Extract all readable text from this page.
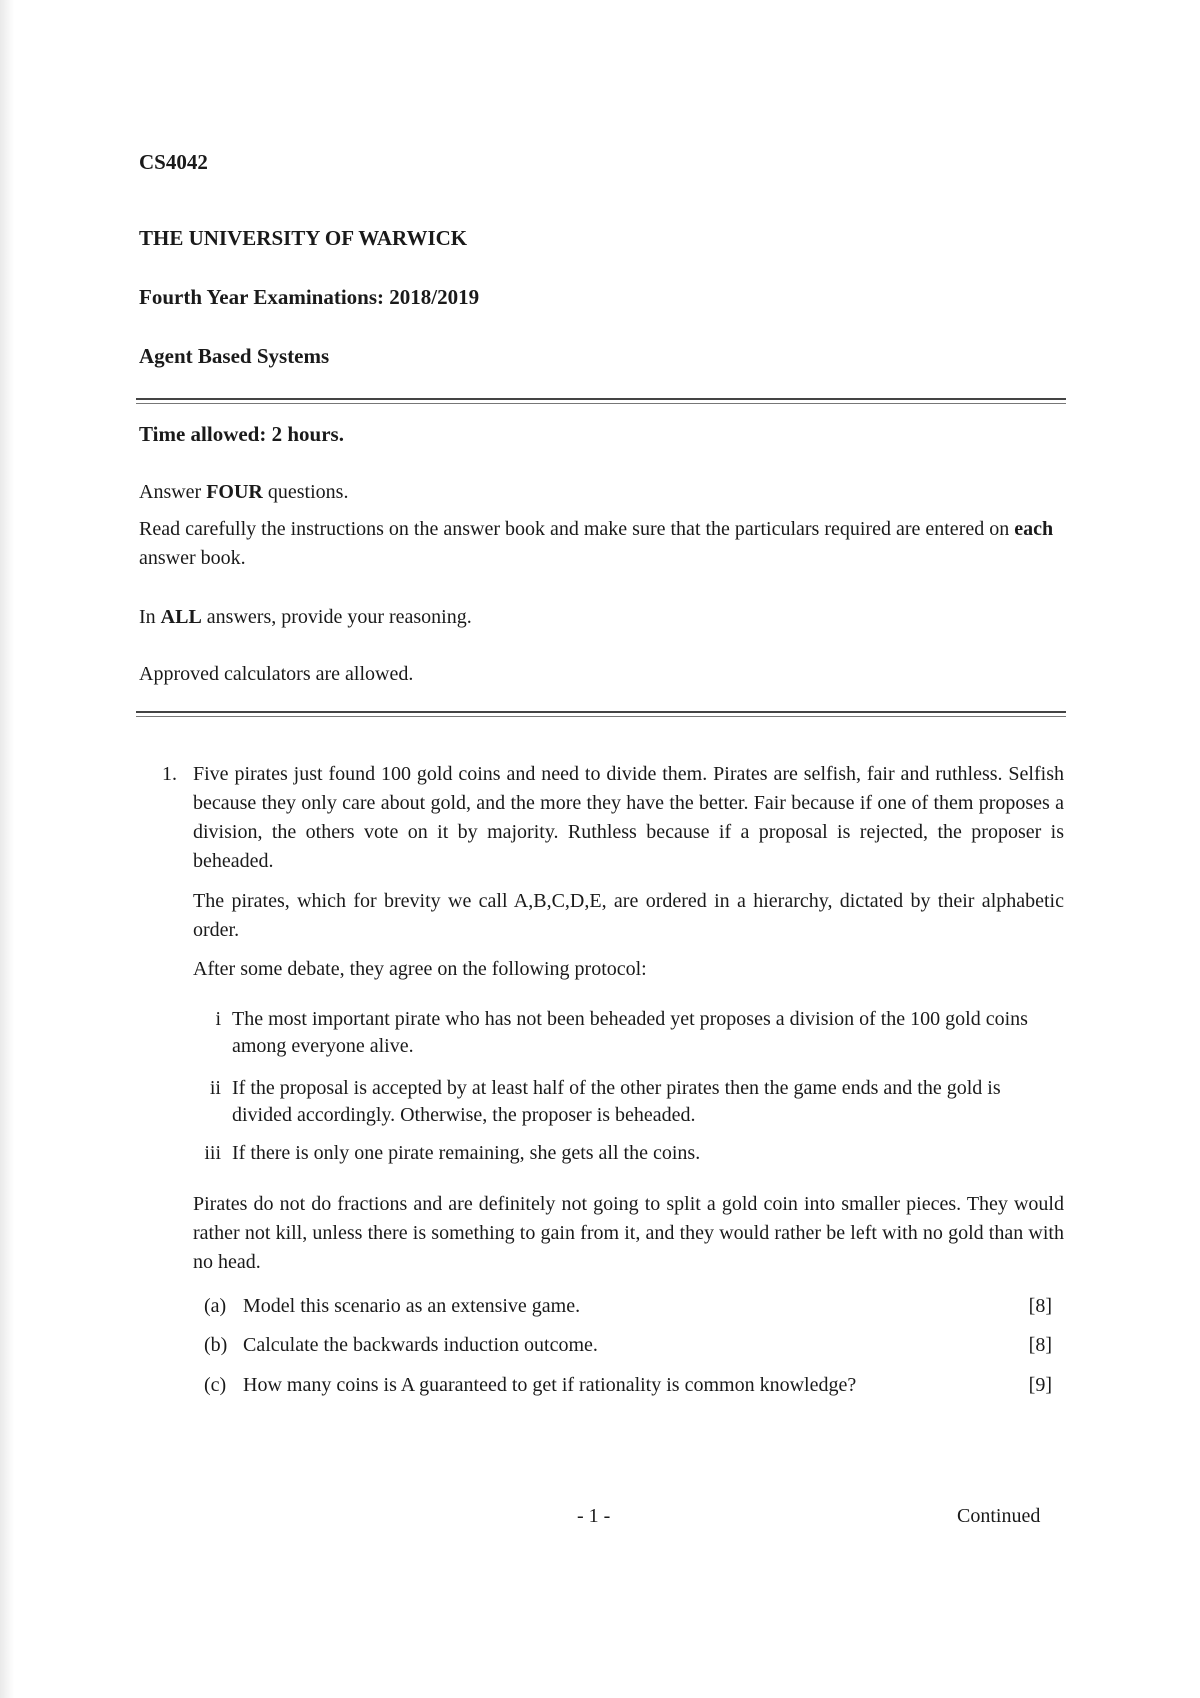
CS4042
THE UNIVERSITY OF WARWICK
Fourth Year Examinations: 2018/2019
Agent Based Systems
Time allowed: 2 hours.
Answer FOUR questions.
Read carefully the instructions on the answer book and make sure that the particulars required are entered on each answer book.
In ALL answers, provide your reasoning.
Approved calculators are allowed.
1. Five pirates just found 100 gold coins and need to divide them. Pirates are selfish, fair and ruthless. Selfish because they only care about gold, and the more they have the better. Fair because if one of them proposes a division, the others vote on it by majority. Ruthless because if a proposal is rejected, the proposer is beheaded.
The pirates, which for brevity we call A,B,C,D,E, are ordered in a hierarchy, dictated by their alphabetic order.
After some debate, they agree on the following protocol:
i The most important pirate who has not been beheaded yet proposes a division of the 100 gold coins among everyone alive.
ii If the proposal is accepted by at least half of the other pirates then the game ends and the gold is divided accordingly. Otherwise, the proposer is beheaded.
iii If there is only one pirate remaining, she gets all the coins.
Pirates do not do fractions and are definitely not going to split a gold coin into smaller pieces. They would rather not kill, unless there is something to gain from it, and they would rather be left with no gold than with no head.
(a) Model this scenario as an extensive game.	[8]
(b) Calculate the backwards induction outcome.	[8]
(c) How many coins is A guaranteed to get if rationality is common knowledge?	[9]
- 1 -	Continued
